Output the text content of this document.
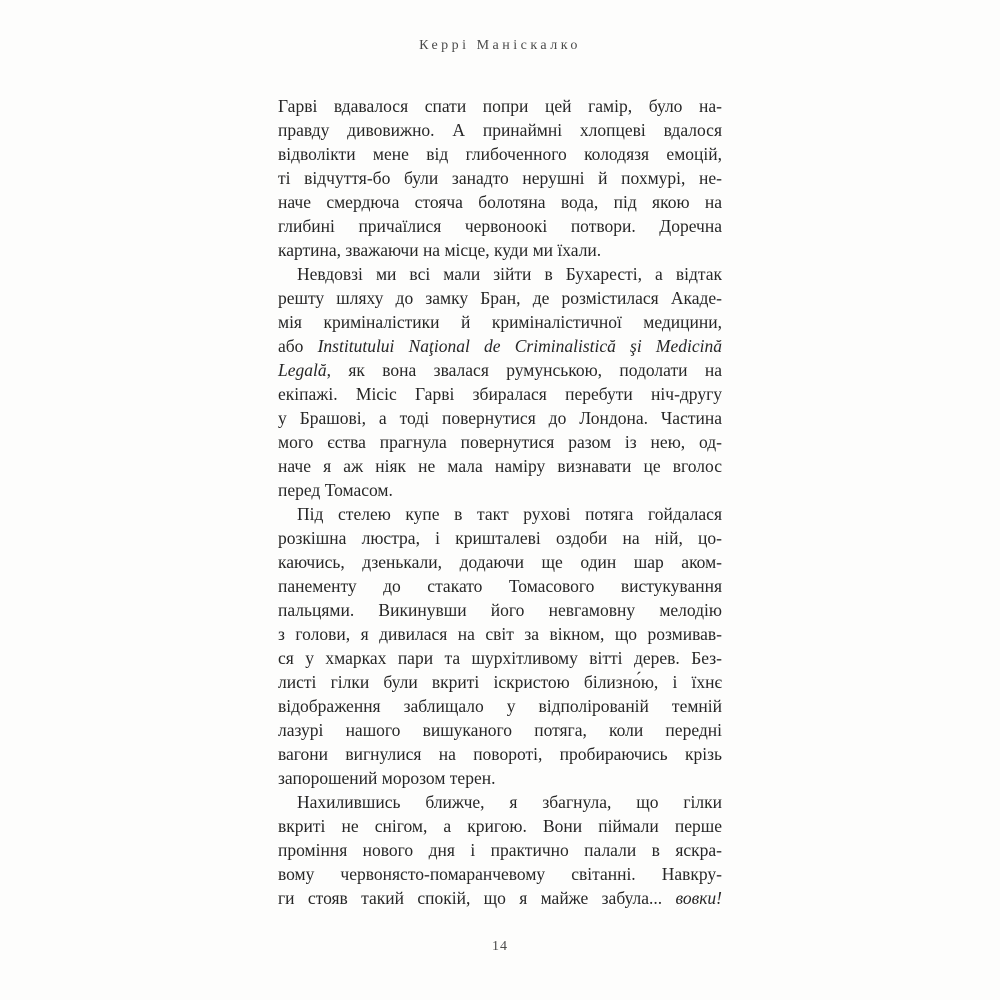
Керрі Маніскалко
Гарві вдавалося спати попри цей гамір, було на-
правду дивовижно. А принаймні хлопцеві вдалося
відволікти мене від глибоченного колодязя емоцій,
ті відчуття-бо були занадто нерушні й похмурі, не-
наче смердюча стояча болотяна вода, під якою на
глибині причаїлися червоноокі потвори. Доречна
картина, зважаючи на місце, куди ми їхали.
Невдовзі ми всі мали зійти в Бухаресті, а відтак
решту шляху до замку Бран, де розмістилася Акаде-
мія криміналістики й криміналістичної медицини,
або Institutului Naţional de Criminalistică şi Medicină
Legală, як вона звалася румунською, подолати на
екіпажі. Місіс Гарві збиралася перебути ніч-другу
у Брашові, а тоді повернутися до Лондона. Частина
мого єства прагнула повернутися разом із нею, од-
наче я аж ніяк не мала наміру визнавати це вголос
перед Томасом.
Під стелею купе в такт рухові потяга гойдалася
розкішна люстра, і кришталеві оздоби на ній, цо-
каючись, дзенькали, додаючи ще один шар аком-
панементу до стакато Томасового вистукування
пальцями. Викинувши його невгамовну мелодію
з голови, я дивилася на світ за вікном, що розмивав-
ся у хмарках пари та шурхітливому вітті дерев. Без-
листі гілки були вкриті іскристою білизно́ю, і їхнє
відображення заблищало у відполірованій темній
лазурі нашого вишуканого потяга, коли передні
вагони вигнулися на повороті, пробираючись крізь
запорошений морозом терен.
Нахилившись ближче, я збагнула, що гілки
вкриті не снігом, а кригою. Вони піймали перше
проміння нового дня і практично палали в яскра-
вому червонясто-помаранчевому світанні. Навкру-
ги стояв такий спокій, що я майже забула... вовки!
14
